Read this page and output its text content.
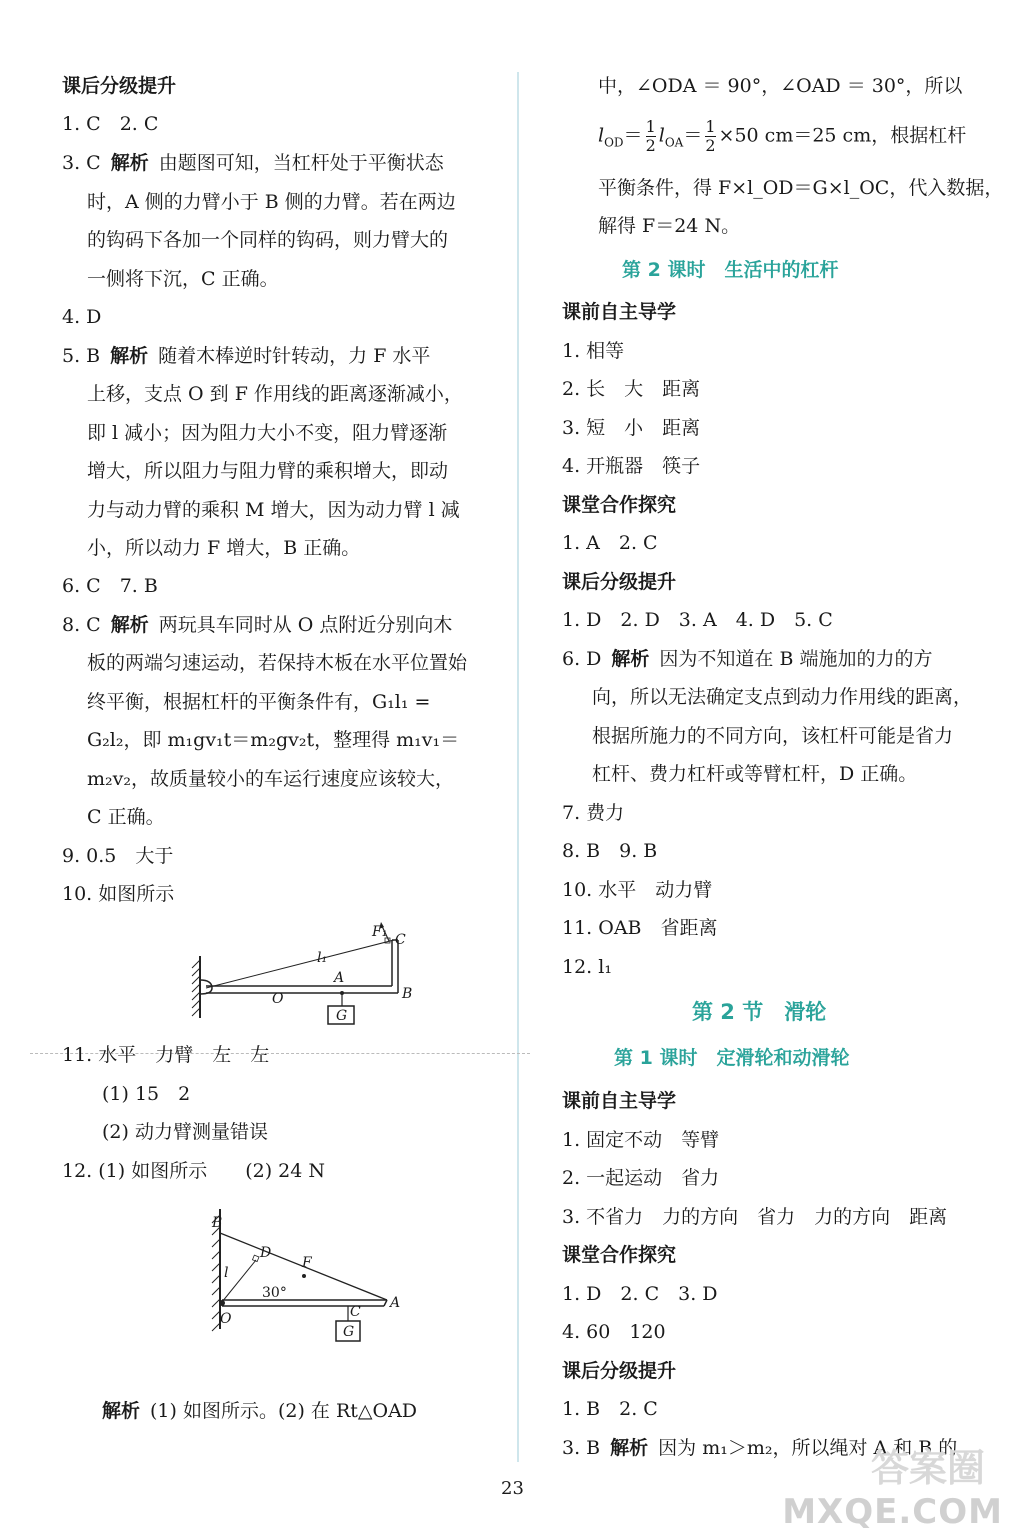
课后分级提升
1. C　2. C
3. C 解析 由题图可知，当杠杆处于平衡状态
时，A 侧的力臂小于 B 侧的力臂。若在两边
的钩码下各加一个同样的钩码，则力臂大的
一侧将下沉，C 正确。
4. D
5. B 解析 随着木棒逆时针转动，力 F 水平
上移，支点 O 到 F 作用线的距离逐渐减小，
即 l 减小；因为阻力大小不变，阻力臂逐渐
增大，所以阻力与阻力臂的乘积增大，即动
力与动力臂的乘积 M 增大，因为动力臂 l 减
小，所以动力 F 增大，B 正确。
6. C　7. B
8. C 解析 两玩具车同时从 O 点附近分别向木
板的两端匀速运动，若保持木板在水平位置始
终平衡，根据杠杆的平衡条件有，G₁l₁ =
G₂l₂，即 m₁gv₁t＝m₂gv₂t，整理得 m₁v₁＝
m₂v₂，故质量较小的车运行速度应该较大，
C 正确。
9. 0.5　大于
10. 如图所示
F₁ C
l₁
A
O	B
G
11. 水平　力臂　左　左
(1) 15　2
(2) 动力臂测量错误
12. (1) 如图所示　　(2) 24 N
B
D
F
l
30°
A
O	C
G
解析 (1) 如图所示。(2) 在 Rt△OAD
中，∠ODA ＝ 90°，∠OAD ＝ 30°，所以
$l_{OD}= \frac{1}{2} l_{OA}= \frac{1}{2} \times 50$ cm＝25 cm，根据杠杆
平衡条件，得 F×l_OD＝G×l_OC，代入数据，
解得 F＝24 N。
第 2 课时　生活中的杠杆
课前自主导学
1. 相等
2. 长　大　距离
3. 短　小　距离
4. 开瓶器　筷子
课堂合作探究
1. A　2. C
课后分级提升
1. D　2. D　3. A　4. D　5. C
6. D 解析 因为不知道在 B 端施加的力的方
向，所以无法确定支点到动力作用线的距离，
根据所施力的不同方向，该杠杆可能是省力
杠杆、费力杠杆或等臂杠杆，D 正确。
7. 费力
8. B　9. B
10. 水平　动力臂
11. OAB　省距离
12. l₁
第 2 节　滑轮
第 1 课时　定滑轮和动滑轮
课前自主导学
1. 固定不动　等臂
2. 一起运动　省力
3. 不省力　力的方向　省力　力的方向　距离
课堂合作探究
1. D　2. C　3. D
4. 60　120
课后分级提升
1. B　2. C
3. B 解析 因为 m₁＞m₂，所以绳对 A 和 B 的
23	答案圈
MXQE.COM
